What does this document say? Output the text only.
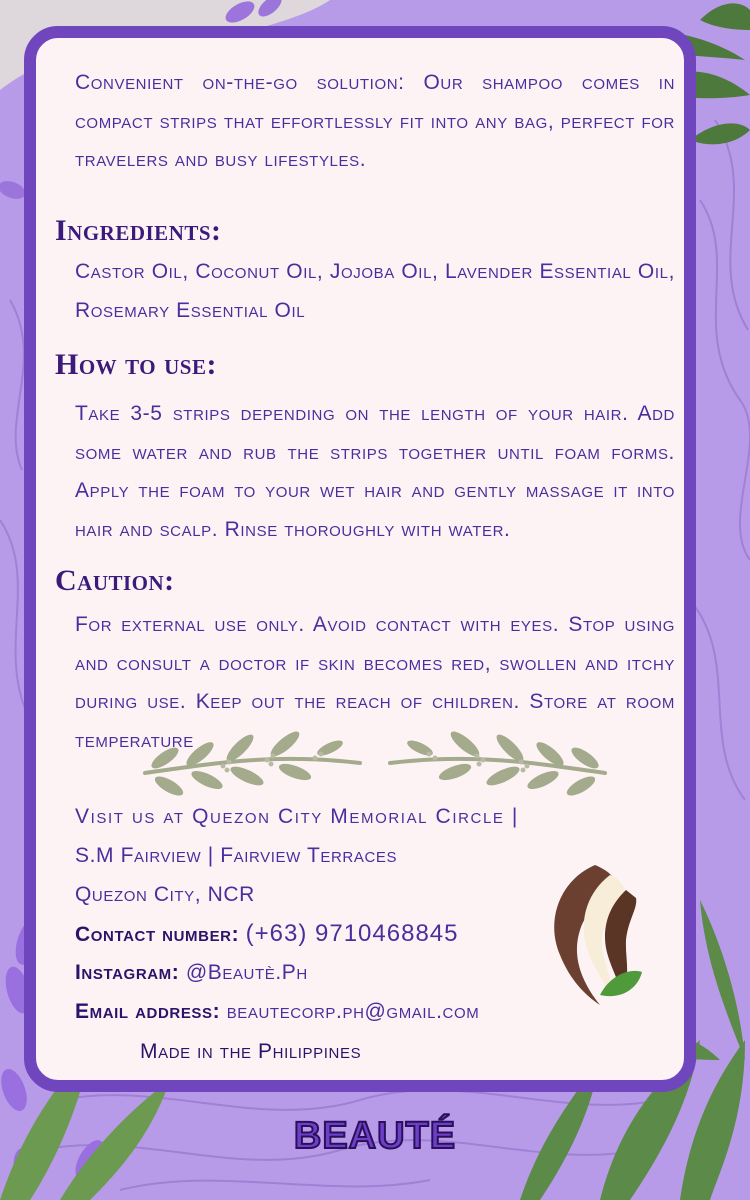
Convenient on-the-go solution: Our shampoo comes in compact strips that effortlessly fit into any bag, perfect for travelers and busy lifestyles.

Ingredients:

Castor Oil, Coconut Oil, Jojoba Oil, Lavender Essential Oil, Rosemary Essential Oil

How to use:

Take 3-5 strips depending on the length of your hair. Add some water and rub the strips together until foam forms. Apply the foam to your wet hair and gently massage it into hair and scalp. Rinse thoroughly with water.

Caution:

For external use only. Avoid contact with eyes. Stop using and consult a doctor if skin becomes red, swollen and itchy during use. Keep out the reach of children. Store at room temperature

Visit us at Quezon City Memorial Circle |

S.M Fairview | Fairview Terraces

Quezon City, NCR

Contact number: (+63) 9710468845

Instagram: @Beautè.Ph

Email address: beautecorp.ph@gmail.com

Made in the Philippines

BEAUTÉ
